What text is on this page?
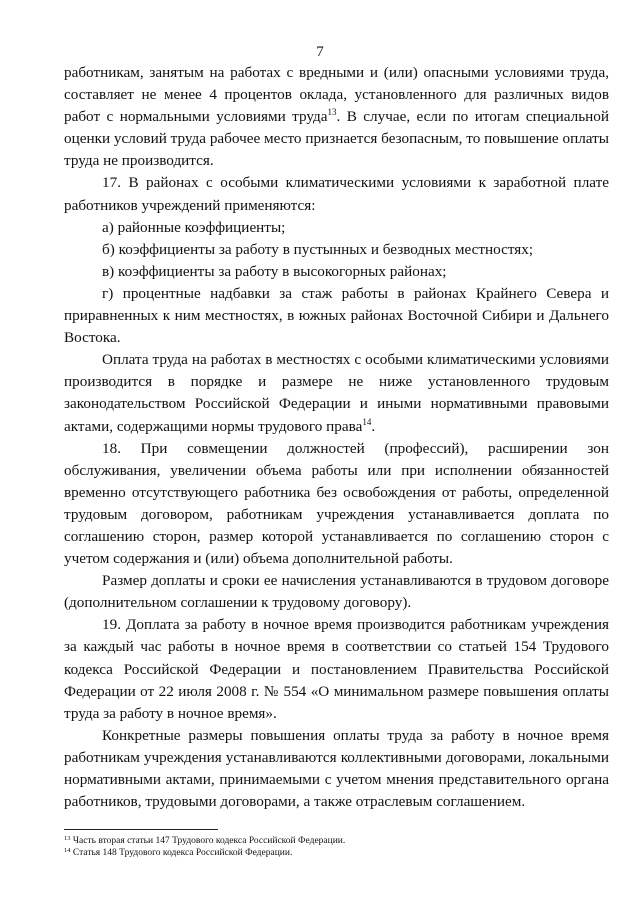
7

работникам, занятым на работах с вредными и (или) опасными условиями труда, составляет не менее 4 процентов оклада, установленного для различных видов работ с нормальными условиями труда$^{13}$. В случае, если по итогам специальной оценки условий труда рабочее место признается безопасным, то повышение оплаты труда не производится.

17. В районах с особыми климатическими условиями к заработной плате работников учреждений применяются:

а) районные коэффициенты;

б) коэффициенты за работу в пустынных и безводных местностях;

в) коэффициенты за работу в высокогорных районах;

г) процентные надбавки за стаж работы в районах Крайнего Севера и приравненных к ним местностях, в южных районах Восточной Сибири и Дальнего Востока.

Оплата труда на работах в местностях с особыми климатическими условиями производится в порядке и размере не ниже установленного трудовым законодательством Российской Федерации и иными нормативными правовыми актами, содержащими нормы трудового права$^{14}$.

18. При совмещении должностей (профессий), расширении зон обслуживания, увеличении объема работы или при исполнении обязанностей временно отсутствующего работника без освобождения от работы, определенной трудовым договором, работникам учреждения устанавливается доплата по соглашению сторон, размер которой устанавливается по соглашению сторон с учетом содержания и (или) объема дополнительной работы.

Размер доплаты и сроки ее начисления устанавливаются в трудовом договоре (дополнительном соглашении к трудовому договору).

19. Доплата за работу в ночное время производится работникам учреждения за каждый час работы в ночное время в соответствии со статьей 154 Трудового кодекса Российской Федерации и постановлением Правительства Российской Федерации от 22 июля 2008 г. № 554 «О минимальном размере повышения оплаты труда за работу в ночное время».

Конкретные размеры повышения оплаты труда за работу в ночное время работникам учреждения устанавливаются коллективными договорами, локальными нормативными актами, принимаемыми с учетом мнения представительного органа работников, трудовыми договорами, а также отраслевым соглашением.

$^{13}$ Часть вторая статьи 147 Трудового кодекса Российской Федерации.

$^{14}$ Статья 148 Трудового кодекса Российской Федерации.
